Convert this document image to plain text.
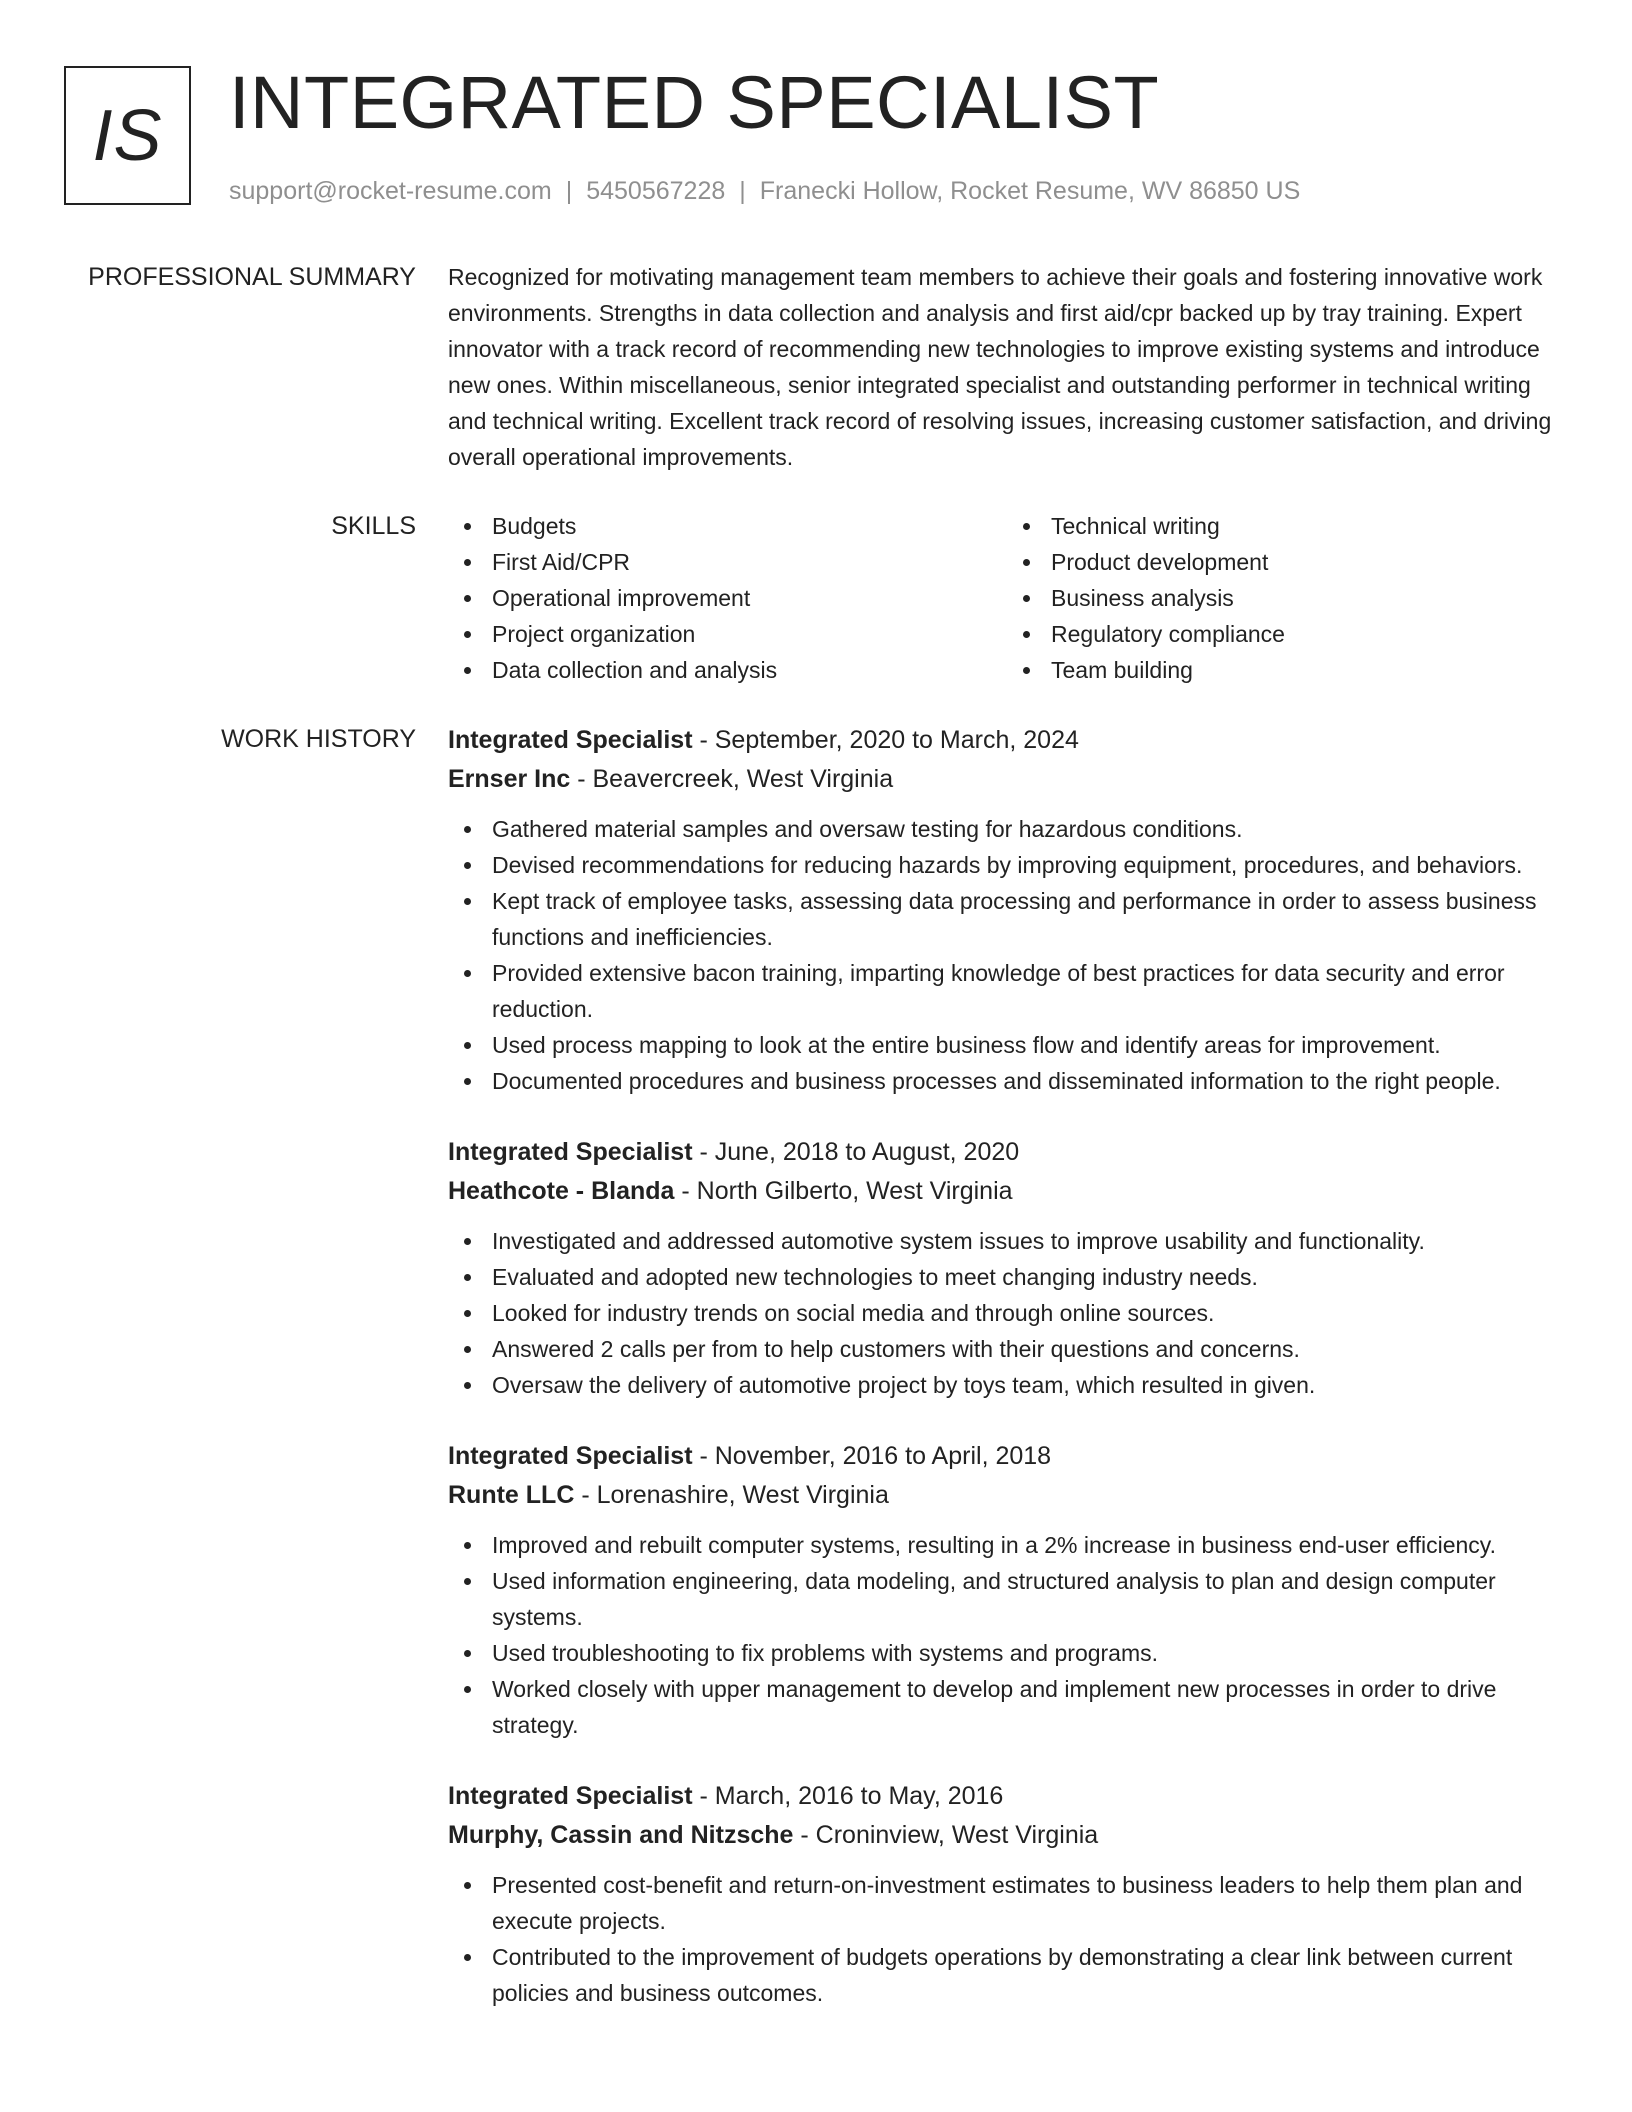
IS INTEGRATED SPECIALIST
support@rocket-resume.com | 5450567228 | Franecki Hollow, Rocket Resume, WV 86850 US
PROFESSIONAL SUMMARY Recognized for motivating management team members to achieve their goals and fostering innovative work environments. Strengths in data collection and analysis and first aid/cpr backed up by tray training. Expert innovator with a track record of recommending new technologies to improve existing systems and introduce new ones. Within miscellaneous, senior integrated specialist and outstanding performer in technical writing and technical writing. Excellent track record of resolving issues, increasing customer satisfaction, and driving overall operational improvements.

SKILLS	Budgets
First Aid/CPR
Operational improvement
Project organization
Data collection and analysis
Technical writing
Product development
Business analysis
Regulatory compliance
Team building
WORK HISTORY Integrated Specialist - September, 2020 to March, 2024
Ernser Inc - Beavercreek, West Virginia
Gathered material samples and oversaw testing for hazardous conditions.
Devised recommendations for reducing hazards by improving equipment, procedures, and behaviors.
Kept track of employee tasks, assessing data processing and performance in order to assess business functions and inefficiencies.
Provided extensive bacon training, imparting knowledge of best practices for data security and error reduction.
Used process mapping to look at the entire business flow and identify areas for improvement.
Documented procedures and business processes and disseminated information to the right people.
Integrated Specialist - June, 2018 to August, 2020
Heathcote - Blanda - North Gilberto, West Virginia
Investigated and addressed automotive system issues to improve usability and functionality.
Evaluated and adopted new technologies to meet changing industry needs.
Looked for industry trends on social media and through online sources.
Answered 2 calls per from to help customers with their questions and concerns.
Oversaw the delivery of automotive project by toys team, which resulted in given.
Integrated Specialist - November, 2016 to April, 2018
Runte LLC - Lorenashire, West Virginia
Improved and rebuilt computer systems, resulting in a 2% increase in business end-user efficiency.
Used information engineering, data modeling, and structured analysis to plan and design computer systems.
Used troubleshooting to fix problems with systems and programs.
Worked closely with upper management to develop and implement new processes in order to drive strategy.
Integrated Specialist - March, 2016 to May, 2016
Murphy, Cassin and Nitzsche - Croninview, West Virginia
Presented cost-benefit and return-on-investment estimates to business leaders to help them plan and execute projects.
Contributed to the improvement of budgets operations by demonstrating a clear link between current policies and business outcomes.
